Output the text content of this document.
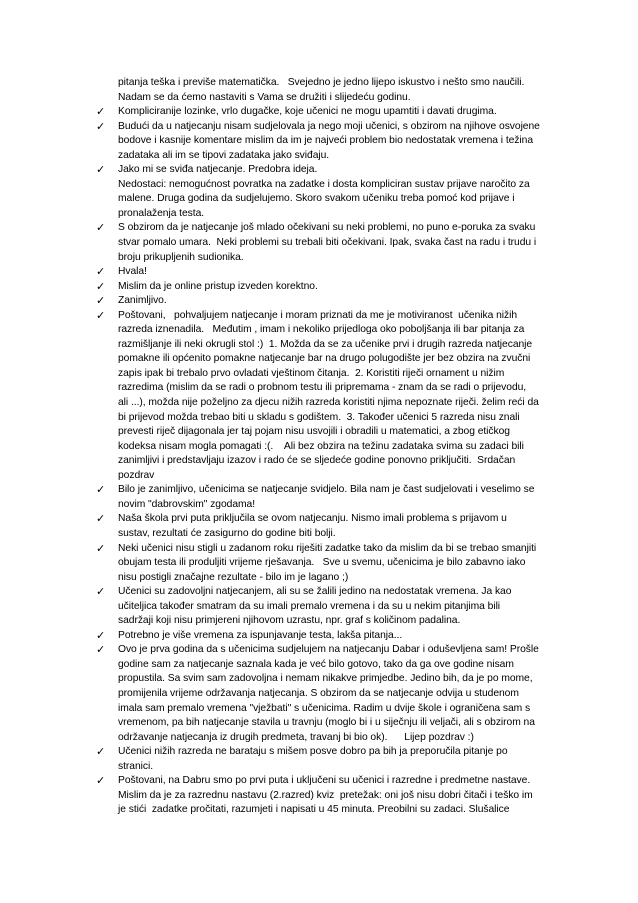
pitanja teška i previše matematička.   Svejedno je jedno lijepo iskustvo i nešto smo naučili.
Nadam se da ćemo nastaviti s Vama se družiti i slijedeću godinu.
✓ Kompliciranije lozinke, vrlo dugačke, koje učenici ne mogu upamtiti i davati drugima.
✓ Budući da u natjecanju nisam sudjelovala ja nego moji učenici, s obzirom na njihove osvojene
bodove i kasnije komentare mislim da im je najveći problem bio nedostatak vremena i težina
zadataka ali im se tipovi zadataka jako sviđaju.
✓ Jako mi se sviđa natjecanje. Predobra ideja.
Nedostaci: nemogućnost povratka na zadatke i dosta kompliciran sustav prijave naročito za
malene. Druga godina da sudjelujemo. Skoro svakom učeniku treba pomoć kod prijave i
pronalaženja testa.
✓ S obzirom da je natjecanje još mlado očekivani su neki problemi, no puno e-poruka za svaku
stvar pomalo umara.  Neki problemi su trebali biti očekivani. Ipak, svaka čast na radu i trudu i
broju prikupljenih sudionika.
✓ Hvala!
✓ Mislim da je online pristup izveden korektno.
✓ Zanimljivo.
✓ Poštovani,   pohvaljujem natjecanje i moram priznati da me je motiviranost  učenika nižih
razreda iznenadila.   Međutim , imam i nekoliko prijedloga oko poboljšanja ili bar pitanja za
razmišljanje ili neki okrugli stol :)  1. Možda da se za učenike prvi i drugih razreda natjecanje
pomakne ili općenito pomakne natjecanje bar na drugo polugodište jer bez obzira na zvučni
zapis ipak bi trebalo prvo ovladati vještinom čitanja.  2. Koristiti riječi ornament u nižim
razredima (mislim da se radi o probnom testu ili pripremama - znam da se radi o prijevodu,
ali ...), možda nije poželjno za djecu nižih razreda koristiti njima nepoznate riječi. želim reći da
bi prijevod možda trebao biti u skladu s godištem.  3. Također učenici 5 razreda nisu znali
prevesti riječ dijagonala jer taj pojam nisu usvojili i obradili u matematici, a zbog etičkog
kodeksa nisam mogla pomagati :(.    Ali bez obzira na težinu zadataka svima su zadaci bili
zanimljivi i predstavljaju izazov i rado će se sljedeće godine ponovno priključiti.  Srdačan
pozdrav
✓ Bilo je zanimljivo, učenicima se natjecanje svidjelo. Bila nam je čast sudjelovati i veselimo se
novim "dabrovskim" zgodama!
✓ Naša škola prvi puta priključila se ovom natjecanju. Nismo imali problema s prijavom u
sustav, rezultati će zasigurno do godine biti bolji.
✓ Neki učenici nisu stigli u zadanom roku riješiti zadatke tako da mislim da bi se trebao smanjiti
obujam testa ili produljiti vrijeme rješavanja.   Sve u svemu, učenicima je bilo zabavno iako
nisu postigli značajne rezultate - bilo im je lagano ;)
✓ Učenici su zadovoljni natjecanjem, ali su se žalili jedino na nedostatak vremena. Ja kao
učiteljica također smatram da su imali premalo vremena i da su u nekim pitanjima bili
sadržaji koji nisu primjereni njihovom uzrastu, npr. graf s količinom padalina.
✓ Potrebno je više vremena za ispunjavanje testa, lakša pitanja...
✓ Ovo je prva godina da s učenicima sudjelujem na natjecanju Dabar i oduševljena sam! Prošle
godine sam za natjecanje saznala kada je već bilo gotovo, tako da ga ove godine nisam
propustila. Sa svim sam zadovoljna i nemam nikakve primjedbe. Jedino bih, da je po mome,
promijenila vrijeme održavanja natjecanja. S obzirom da se natjecanje odvija u studenom
imala sam premalo vremena "vježbati" s učenicima. Radim u dvije škole i ograničena sam s
vremenom, pa bih natjecanje stavila u travnju (moglo bi i u siječnju ili veljači, ali s obzirom na
održavanje natjecanja iz drugih predmeta, travanj bi bio ok).      Lijep pozdrav :)
✓ Učenici nižih razreda ne barataju s mišem posve dobro pa bih ja preporučila pitanje po
stranici.
✓ Poštovani, na Dabru smo po prvi puta i uključeni su učenici i razredne i predmetne nastave.
Mislim da je za razrednu nastavu (2.razred) kviz  pretežak: oni još nisu dobri čitači i teško im
je stići  zadatke pročitati, razumjeti i napisati u 45 minuta. Preobilni su zadaci. Slušalice
